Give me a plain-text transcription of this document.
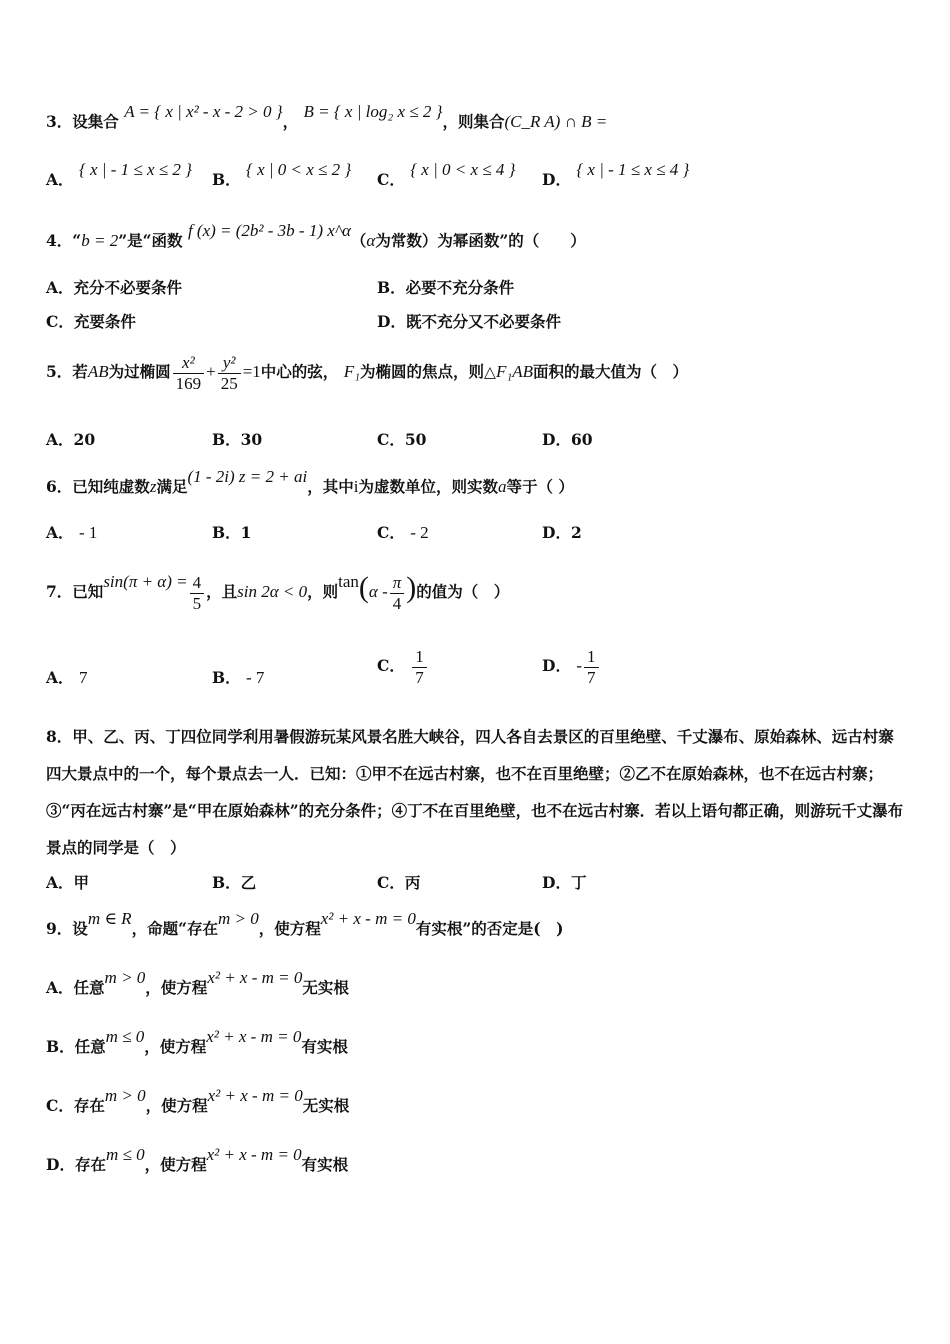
3．设集合 A = { x | x² - x - 2 > 0 }， B = { x | log₂ x ≤ 2 }，则集合(C_R A) ∩ B =
A． { x | - 1 ≤ x ≤ 2 }
B． { x | 0 < x ≤ 2 }
C． { x | 0 < x ≤ 4 }
D． { x | - 1 ≤ x ≤ 4 }
4．“b = 2”是“函数 f (x) = (2b² - 3b - 1) x^α（α为常数）为幂函数”的（　　）
A．充分不必要条件	B．必要不充分条件
C．充要条件	D．既不充分又不必要条件
5．若AB为过椭圆 $\frac{\text{x²}}{169} + \frac{\text{y²}}{25} =1$中心的弦， F₁为椭圆的焦点，则△F₁AB面积的最大值为（　）
A．20	B．30	C．50	D．60
6．已知纯虚数z满足(1 - 2i) z = 2 + ai，其中i为虚数单位，则实数a等于（ ）
A． - 1	B．1	C． - 2	D．2
7．已知$\sin(\pi + \alpha) = \frac{4}{5}$ ，且sin 2α < 0，则$\tan(\alpha - \frac{\pi}{4}$ )的值为（　）
A． 7	B． - 7
C． $\frac{1}{7}$	D． - $\frac{1}{7}$
8．甲、乙、丙、丁四位同学利用暑假游玩某风景名胜大峡谷，四人各自去景区的百里绝壁、千丈瀑布、原始森林、远古村寨四大景点中的一个，每个景点去一人．已知：①甲不在远古村寨，也不在百里绝壁；②乙不在原始森林，也不在远古村寨；③“丙在远古村寨”是“甲在原始森林”的充分条件；④丁不在百里绝壁，也不在远古村寨．若以上语句都正确，则游玩千丈瀑布景点的同学是（　）
A．甲	B．乙	C．丙	D．丁
9．设m ∈ R，命题“存在m > 0，使方程x² + x - m = 0有实根”的否定是(　)
A．任意m > 0，使方程x² + x - m = 0无实根
B．任意m ≤ 0，使方程x² + x - m = 0有实根
C．存在m > 0，使方程x² + x - m = 0无实根
D．存在m ≤ 0，使方程x² + x - m = 0有实根
